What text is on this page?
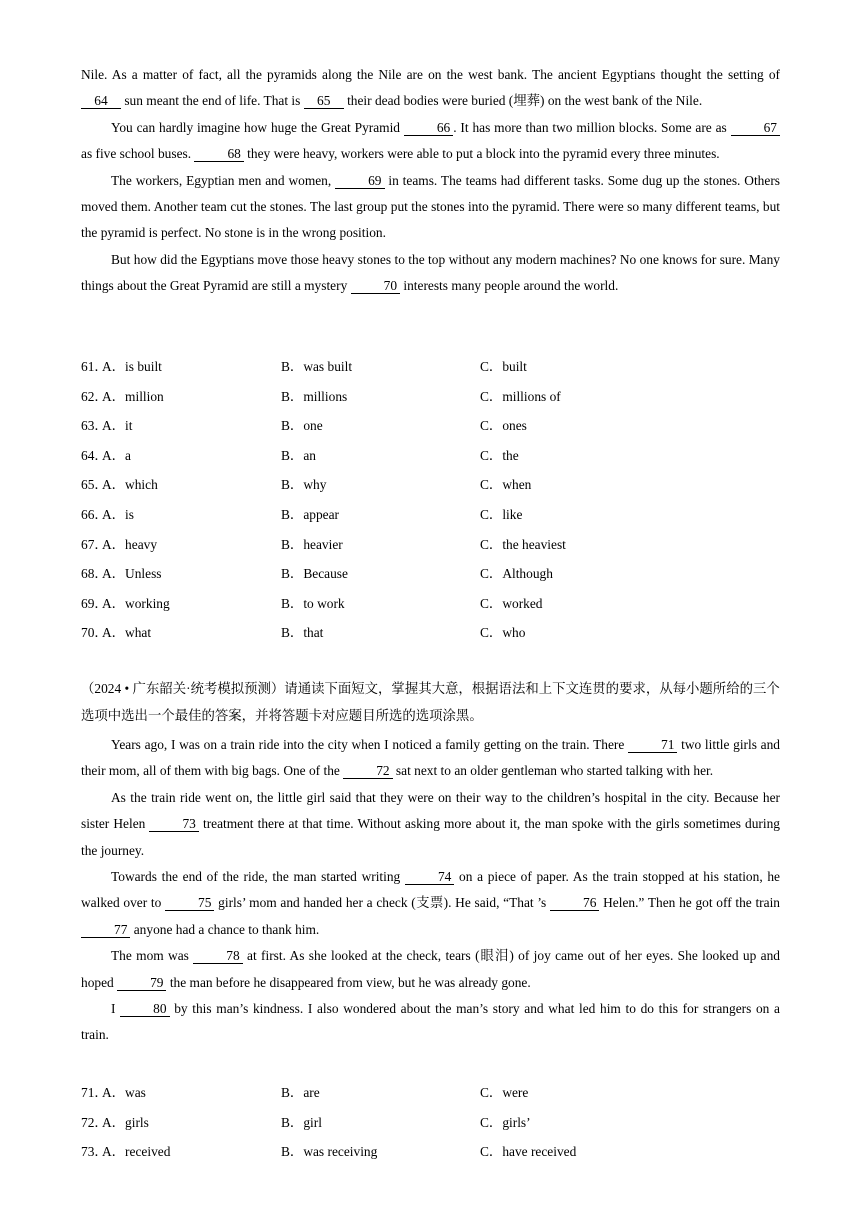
Nile. As a matter of fact, all the pyramids along the Nile are on the west bank. The ancient Egyptians thought the setting of 64 sun meant the end of life. That is 65 their dead bodies were buried (埋葬) on the west bank of the Nile.

You can hardly imagine how huge the Great Pyramid 66 . It has more than two million blocks. Some are as 67 as five school buses. 68 they were heavy, workers were able to put a block into the pyramid every three minutes.

The workers, Egyptian men and women, 69 in teams. The teams had different tasks. Some dug up the stones. Others moved them. Another team cut the stones. The last group put the stones into the pyramid. There were so many different teams, but the pyramid is perfect. No stone is in the wrong position.

But how did the Egyptians move those heavy stones to the top without any modern machines? No one knows for sure. Many things about the Great Pyramid are still a mystery 70 interests many people around the world.

61．
A．is built	B．was built	C．built
62．
A．million	B．millions	C．millions of
63．
A．it	B．one	C．ones
64．
A．a	B．an	C．the
65．
A．which	B．why	C．when
66．
A．is	B．appear	C．like
67．
A．heavy	B．heavier	C．the heaviest
68．
A．Unless	B．Because	C．Although
69．
A．working	B．to work	C．worked
70．
A．what	B．that	C．who

（2024 • 广东韶关·统考模拟预测）请通读下面短文，掌握其大意，根据语法和上下文连贯的要求，从每小题所给的三个选项中选出一个最佳的答案，并将答题卡对应题目所选的选项涂黑。

Years ago, I was on a train ride into the city when I noticed a family getting on the train. There 71 two little girls and their mom, all of them with big bags. One of the 72 sat next to an older gentleman who started talking with her.

As the train ride went on, the little girl said that they were on their way to the children’s hospital in the city. Because her sister Helen 73 treatment there at that time. Without asking more about it, the man spoke with the girls sometimes during the journey.

Towards the end of the ride, the man started writing 74 on a piece of paper. As the train stopped at his station, he walked over to 75 girls’ mom and handed her a check (支票). He said, “That ’s 76 Helen.” Then he got off the train 77 anyone had a chance to thank him.

The mom was 78 at first. As she looked at the check, tears (眼泪) of joy came out of her eyes. She looked up and hoped 79 the man before he disappeared from view, but he was already gone.

I 80 by this man’s kindness. I also wondered about the man’s story and what led him to do this for strangers on a train.

71．
A．was	B．are	C．were
72．
A．girls	B．girl	C．girls’
73．
A．received	B．was receiving	C．have received
